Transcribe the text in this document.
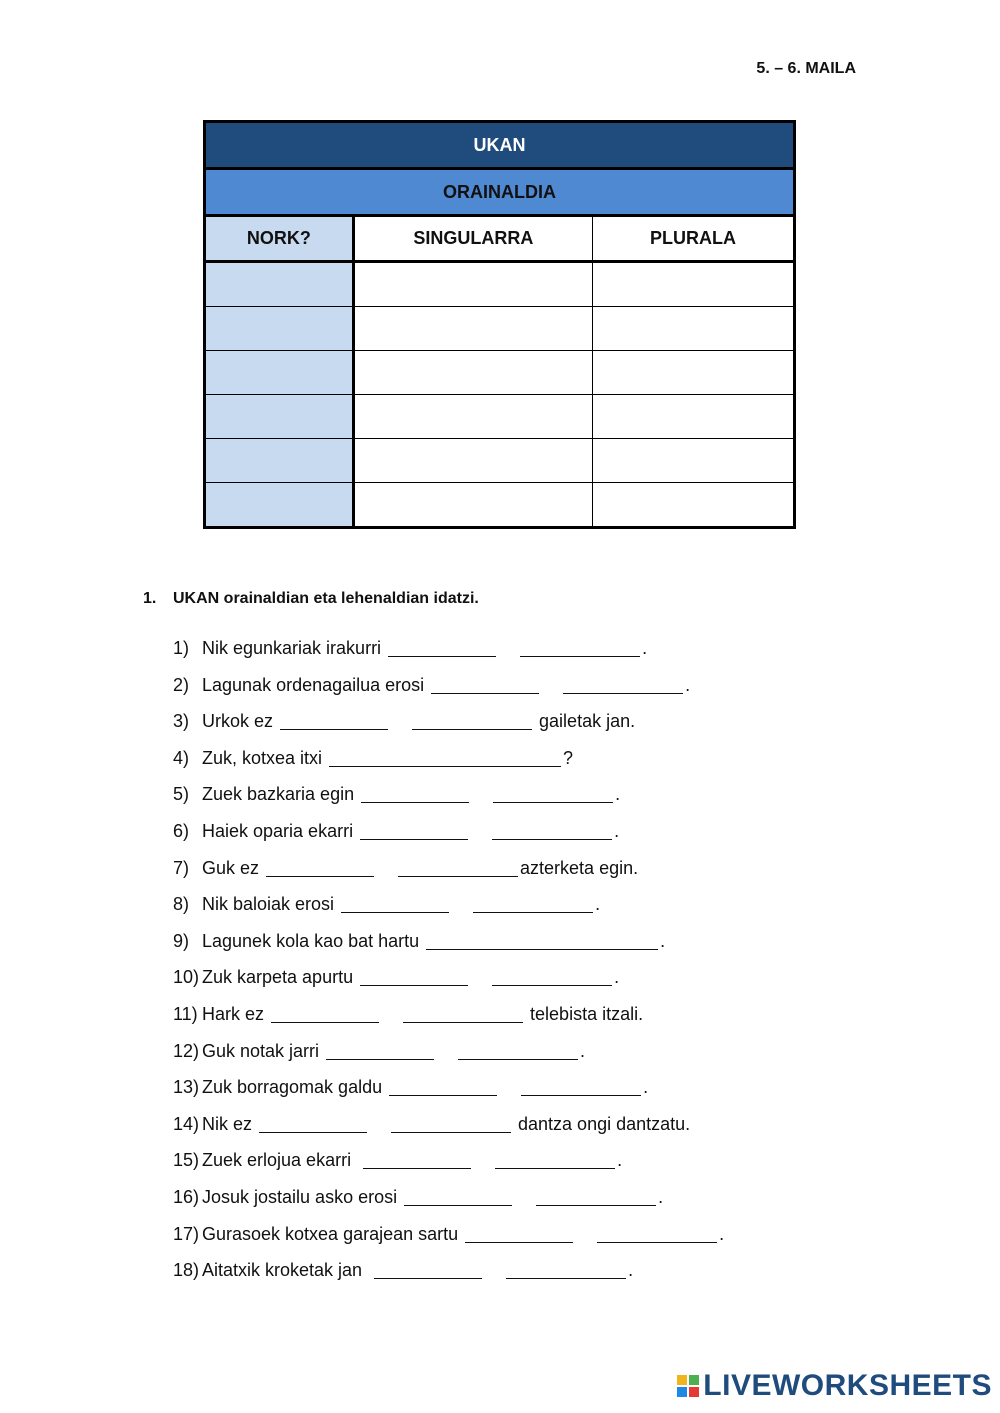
5. – 6. MAILA
UKAN		
ORAINALDIA		
NORK?	SINGULARRA	PLURALA

1. UKAN orainaldian eta lehenaldian idatzi.
1) Nik egunkariak irakurri	.
2) Lagunak ordenagailua erosi	.
3) Urkok ez	gailetak jan.
4) Zuk, kotxea itxi	?
5) Zuek bazkaria egin	.
6) Haiek oparia ekarri	.
7) Guk ez	azterketa egin.
8) Nik baloiak erosi	.
9) Lagunek kola kao bat hartu	.
10) Zuk karpeta apurtu	.
11) Hark ez	telebista itzali.
12) Guk notak jarri	.
13) Zuk borragomak galdu	.
14) Nik ez	dantza ongi dantzatu.
15) Zuek erlojua ekarri	.
16) Josuk jostailu asko erosi	.
17) Gurasoek kotxea garajean sartu	.
18) Aitatxik kroketak jan	.
LIVEWORKSHEETS
